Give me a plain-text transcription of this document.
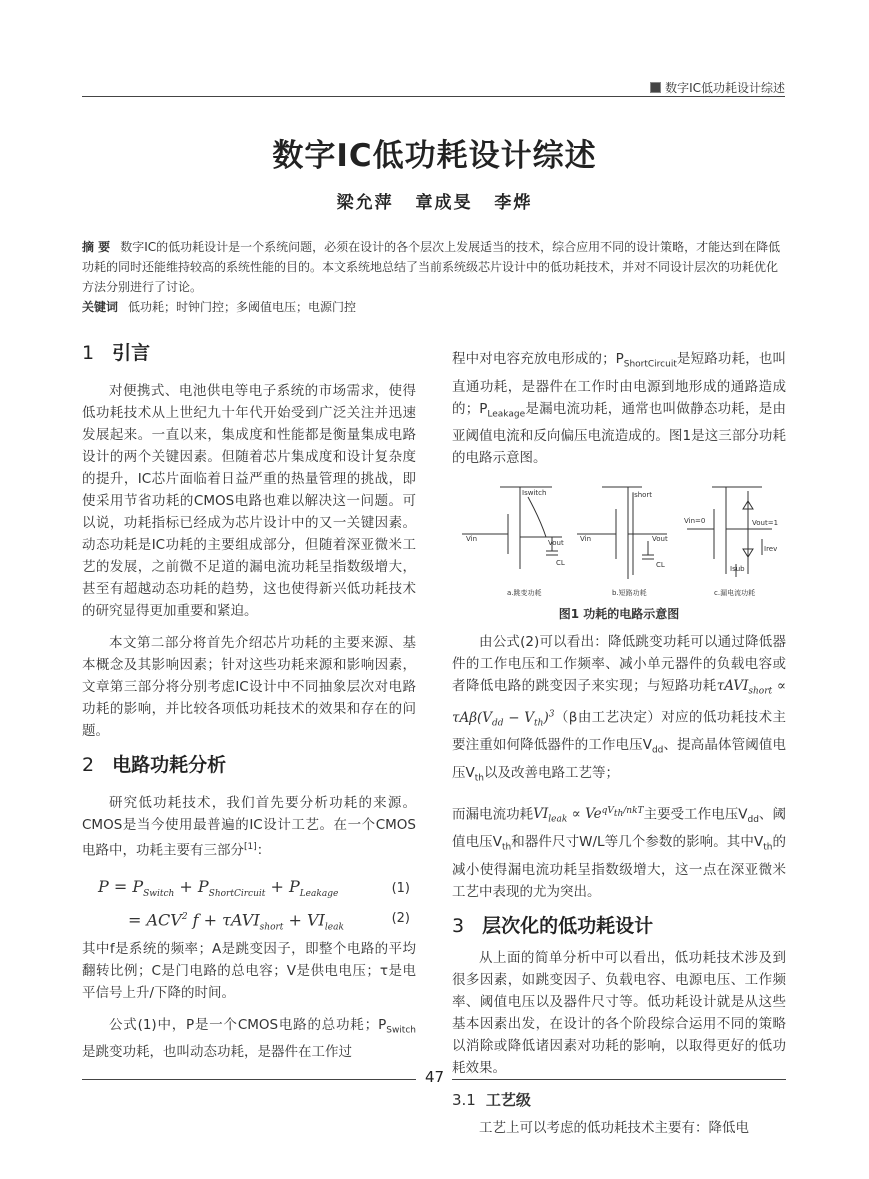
数字IC低功耗设计综述
数字IC低功耗设计综述
梁允萍 章成旻 李烨
摘 要 数字IC的低功耗设计是一个系统问题，必须在设计的各个层次上发展适当的技术，综合应用不同的设计策略，才能达到在降低功耗的同时还能维持较高的系统性能的目的。本文系统地总结了当前系统级芯片设计中的低功耗技术，并对不同设计层次的功耗优化方法分别进行了讨论。
关键词 低功耗；时钟门控；多阈值电压；电源门控
1 引言

对便携式、电池供电等电子系统的市场需求，使得低功耗技术从上世纪九十年代开始受到广泛关注并迅速发展起来。一直以来，集成度和性能都是衡量集成电路设计的两个关键因素。但随着芯片集成度和设计复杂度的提升，IC芯片面临着日益严重的热量管理的挑战，即使采用节省功耗的CMOS电路也难以解决这一问题。可以说，功耗指标已经成为芯片设计中的又一关键因素。动态功耗是IC功耗的主要组成部分，但随着深亚微米工艺的发展，之前微不足道的漏电流功耗呈指数级增大，甚至有超越动态功耗的趋势，这也使得新兴低功耗技术的研究显得更加重要和紧迫。

本文第二部分将首先介绍芯片功耗的主要来源、基本概念及其影响因素；针对这些功耗来源和影响因素，文章第三部分将分别考虑IC设计中不同抽象层次对电路功耗的影响，并比较各项低功耗技术的效果和存在的问题。

2 电路功耗分析

研究低功耗技术，我们首先要分析功耗的来源。CMOS是当今使用最普遍的IC设计工艺。在一个CMOS电路中，功耗主要有三部分[1]：

$P = P_{Switch} + P_{ShortCircuit} + P_{Leakage}$	(1)
= $ACV^2$ $f + \tau AVI_{short} + VI_{leak}$
(2)

其中f是系统的频率；A是跳变因子，即整个电路的平均翻转比例；C是门电路的总电容；V是供电电压；τ是电平信号上升/下降的时间。

公式(1)中，P是一个CMOS电路的总功耗；$P_{Switch}$是跳变功耗，也叫动态功耗，是器件在工作过

程中对电容充放电形成的；$P_{ShortCircuit}$是短路功耗，也叫直通功耗，是器件在工作时由电源到地形成的通路造成的；$P_{Leakage}$是漏电流功耗，通常也叫做静态功耗，是由亚阈值电流和反向偏压电流造成的。图1是这三部分功耗的电路示意图。

Iswitch
Vin	Vout
CL
a.跳变功耗
Ishort
Vin	Vout
CL
b.短路功耗
Vin=0	Vout=1
Isub
Irev
c.漏电流功耗
图1 功耗的电路示意图

由公式(2)可以看出：降低跳变功耗可以通过降低器件的工作电压和工作频率、减小单元器件的负载电容或者降低电路的跳变因子来实现；与短路功耗$\tau AVI_{short} \propto \tau A\beta(V_{dd} - V_{th})^3(\beta$由工艺决定）对应的低功耗技术主要注重如何降低器件的工作电压$V_{dd}$、提高晶体管阈值电压$V_{th}$以及改善电路工艺等；

而漏电流功耗$VI_{leak} \propto Ve^{qV_{th}/nkT}$主要受工作电压$V_{dd}$、阈值电压$V_{th}$和器件尺寸W/L等几个参数的影响。其中$V_{th}$的减小使得漏电流功耗呈指数级增大，这一点在深亚微米工艺中表现的尤为突出。

3 层次化的低功耗设计

从上面的简单分析中可以看出，低功耗技术涉及到很多因素，如跳变因子、负载电容、电源电压、工作频率、阈值电压以及器件尺寸等。低功耗设计就是从这些基本因素出发，在设计的各个阶段综合运用不同的策略以消除或降低诸因素对功耗的影响，以取得更好的低功耗效果。

3.1 工艺级

工艺上可以考虑的低功耗技术主要有：降低电

47
